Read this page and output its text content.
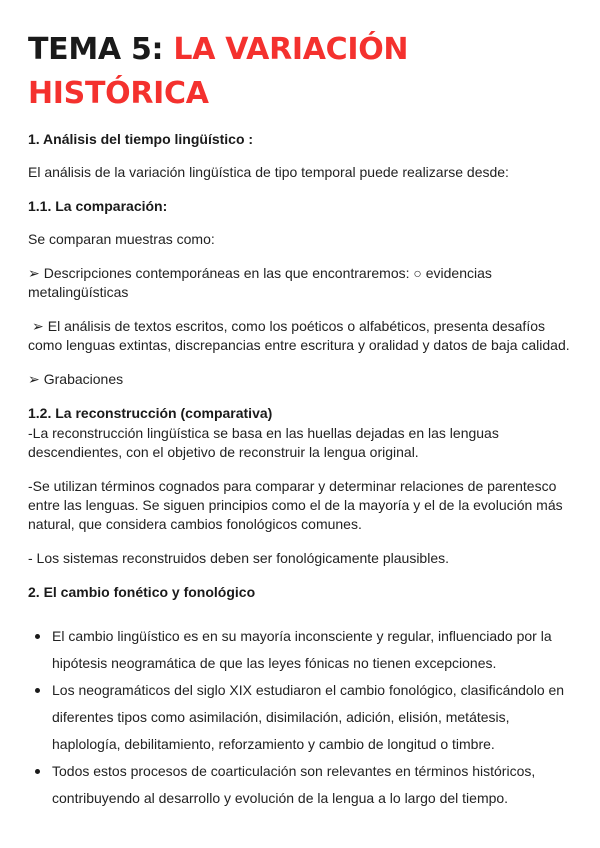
TEMA 5: LA VARIACIÓN
HISTÓRICA
1. Análisis del tiempo lingüístico :

El análisis de la variación lingüística de tipo temporal puede realizarse desde:

1.1. La comparación:

Se comparan muestras como:

➢ Descripciones contemporáneas en las que encontraremos: ○ evidencias metalingüísticas

➢ El análisis de textos escritos, como los poéticos o alfabéticos, presenta desafíos como lenguas extintas, discrepancias entre escritura y oralidad y datos de baja calidad.

➢ Grabaciones

1.2. La reconstrucción (comparativa)

-La reconstrucción lingüística se basa en las huellas dejadas en las lenguas descendientes, con el objetivo de reconstruir la lengua original.

-Se utilizan términos cognados para comparar y determinar relaciones de parentesco entre las lenguas. Se siguen principios como el de la mayoría y el de la evolución más natural, que considera cambios fonológicos comunes.

- Los sistemas reconstruidos deben ser fonológicamente plausibles.

2. El cambio fonético y fonológico
El cambio lingüístico es en su mayoría inconsciente y regular, influenciado por la hipótesis neogramática de que las leyes fónicas no tienen excepciones.
Los neogramáticos del siglo XIX estudiaron el cambio fonológico, clasificándolo en diferentes tipos como asimilación, disimilación, adición, elisión, metátesis, haplología, debilitamiento, reforzamiento y cambio de longitud o timbre.
Todos estos procesos de coarticulación son relevantes en términos históricos, contribuyendo al desarrollo y evolución de la lengua a lo largo del tiempo.
